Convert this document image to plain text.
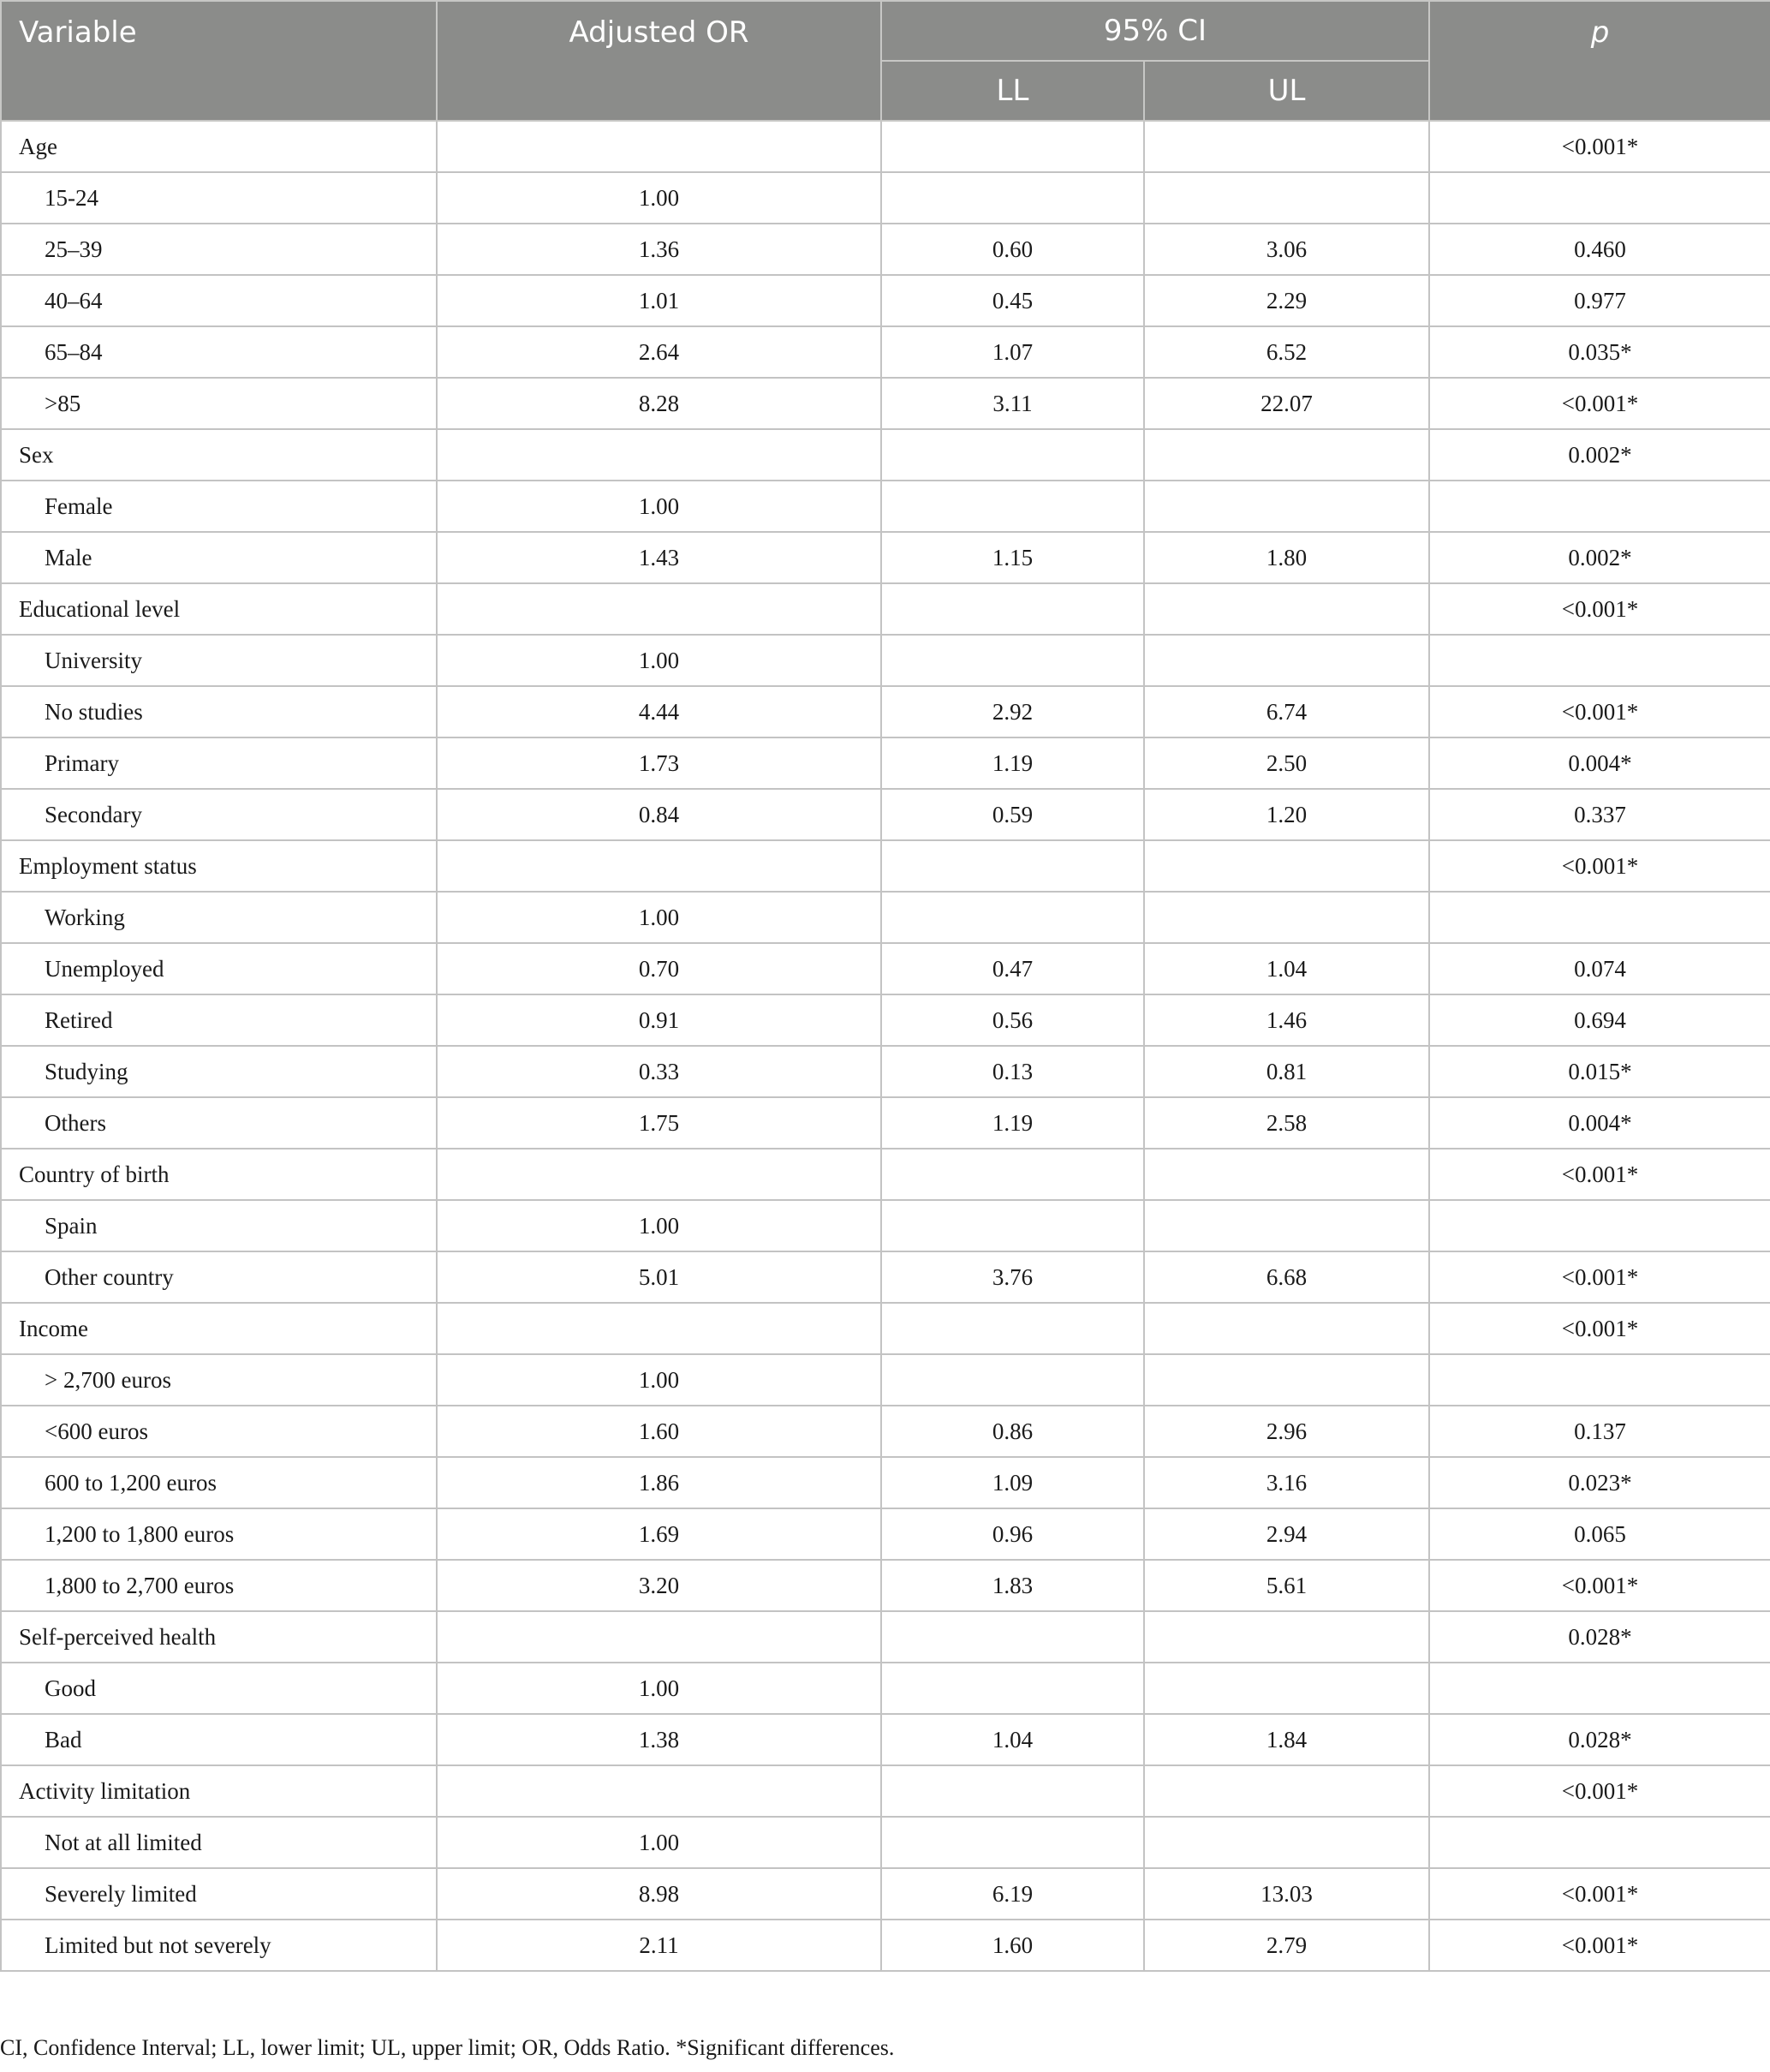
Variable	Adjusted OR	95% CI		p
		LL	UL	
Age				<0.001*
15-24	1.00			
25–39	1.36	0.60	3.06	0.460
40–64	1.01	0.45	2.29	0.977
65–84	2.64	1.07	6.52	0.035*
>85	8.28	3.11	22.07	<0.001*
Sex				0.002*
Female	1.00			
Male	1.43	1.15	1.80	0.002*
Educational level				<0.001*
University	1.00			
No studies	4.44	2.92	6.74	<0.001*
Primary	1.73	1.19	2.50	0.004*
Secondary	0.84	0.59	1.20	0.337
Employment status				<0.001*
Working	1.00			
Unemployed	0.70	0.47	1.04	0.074
Retired	0.91	0.56	1.46	0.694
Studying	0.33	0.13	0.81	0.015*
Others	1.75	1.19	2.58	0.004*
Country of birth				<0.001*
Spain	1.00			
Other country	5.01	3.76	6.68	<0.001*
Income				<0.001*
> 2,700 euros	1.00			
<600 euros	1.60	0.86	2.96	0.137
600 to 1,200 euros	1.86	1.09	3.16	0.023*
1,200 to 1,800 euros	1.69	0.96	2.94	0.065
1,800 to 2,700 euros	3.20	1.83	5.61	<0.001*
Self-perceived health				0.028*
Good	1.00			
Bad	1.38	1.04	1.84	0.028*
Activity limitation				<0.001*
Not at all limited	1.00			
Severely limited	8.98	6.19	13.03	<0.001*
Limited but not severely	2.11	1.60	2.79	<0.001*
CI, Confidence Interval; LL, lower limit; UL, upper limit; OR, Odds Ratio. *Significant differences.
